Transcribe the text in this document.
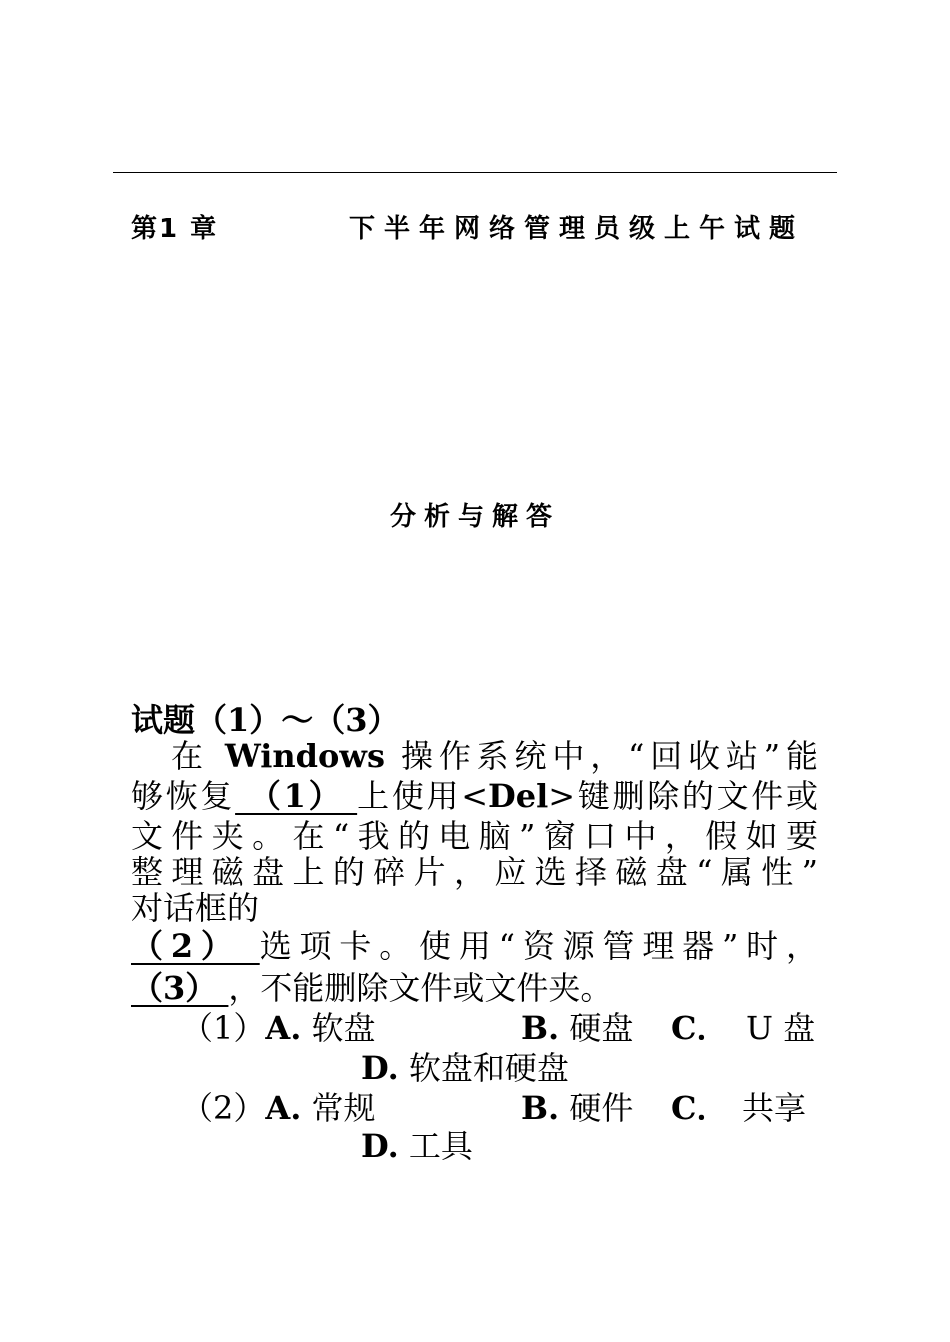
第1 章	下半年网络管理员级上午试题
分析与解答
试题（1）～（3）
在 Windows 操作系统中，“回收站”能
够恢复 （1） 上使用<Del>键删除的文件或
文件夹。在“我的电脑”窗口中，假如要
整理磁盘上的碎片，应选择磁盘“属性”
对话框的
（2） 选项卡。使用“资源管理器”时，
（3） ，不能删除文件或文件夹。
（1）A. 软盘	B. 硬盘 C． U 盘
D. 软盘和硬盘
（2）A. 常规	B. 硬件 C． 共享
D. 工具
